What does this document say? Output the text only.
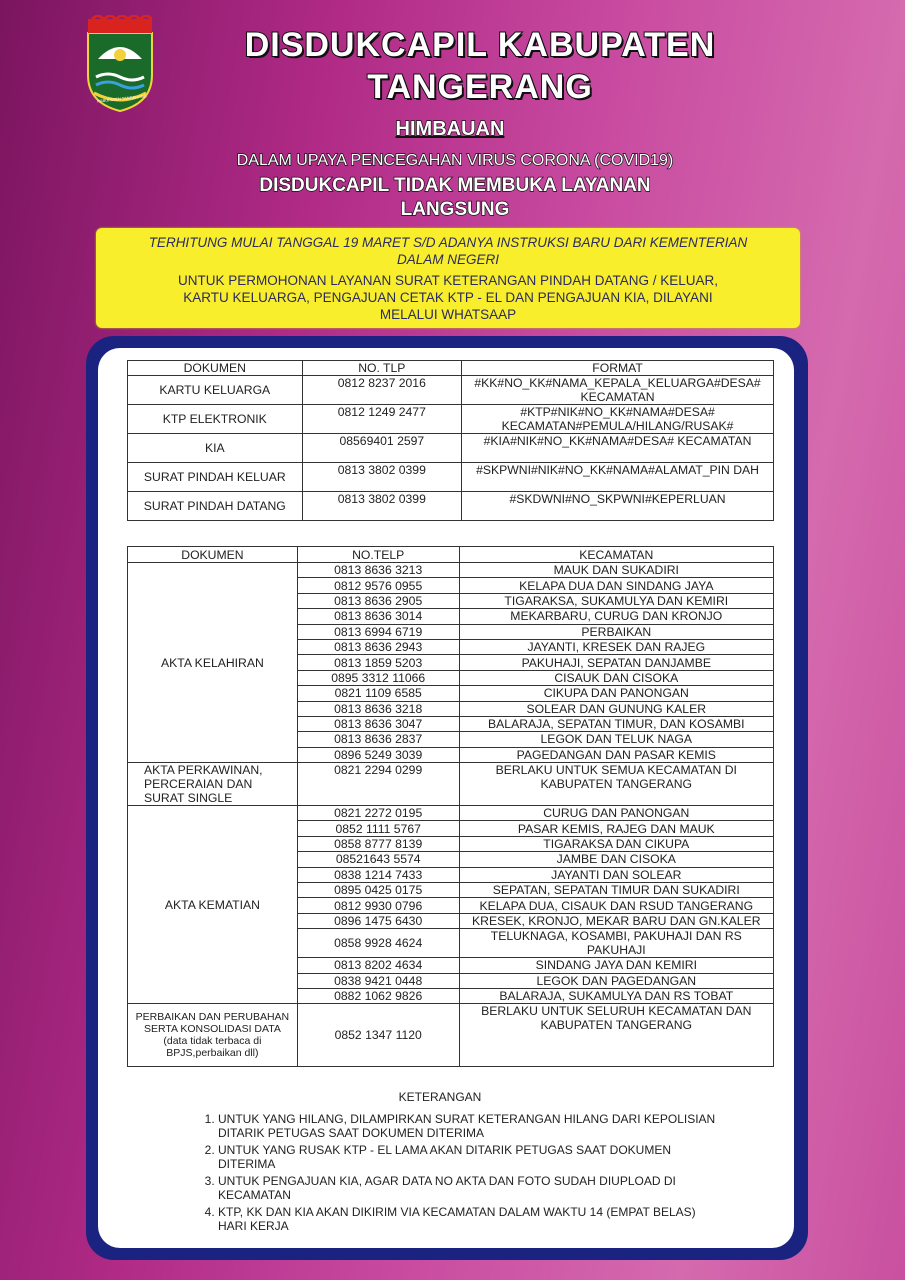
KABUPATEN TANGERANG
DISDUKCAPIL KABUPATEN
TANGERANG
HIMBAUAN
DALAM UPAYA PENCEGAHAN VIRUS CORONA (COVID19)
DISDUKCAPIL TIDAK MEMBUKA LAYANAN
LANGSUNG
TERHITUNG MULAI TANGGAL 19 MARET S/D ADANYA INSTRUKSI BARU DARI KEMENTERIAN
DALAM NEGERI
UNTUK PERMOHONAN LAYANAN SURAT KETERANGAN PINDAH DATANG / KELUAR,
KARTU KELUARGA, PENGAJUAN CETAK KTP - EL DAN PENGAJUAN KIA, DILAYANI
MELALUI WHATSAAP
DOKUMEN	NO. TLP	FORMAT
KARTU KELUARGA	0812 8237 2016	#KK#NO_KK#NAMA_KEPALA_KELUARGA#DESA# KECAMATAN
KTP ELEKTRONIK	0812 1249 2477	#KTP#NIK#NO_KK#NAMA#DESA# KECAMATAN#PEMULA/HILANG/RUSAK#
KIA	08569401 2597	#KIA#NIK#NO_KK#NAMA#DESA# KECAMATAN
SURAT PINDAH KELUAR	0813 3802 0399	#SKPWNI#NIK#NO_KK#NAMA#ALAMAT_PIN DAH
SURAT PINDAH DATANG	0813 3802 0399	#SKDWNI#NO_SKPWNI#KEPERLUAN
DOKUMEN	NO.TELP	KECAMATAN
AKTA KELAHIRAN	0813 8636 3213	MAUK DAN SUKADIRI
	0812 9576 0955	KELAPA DUA DAN SINDANG JAYA
	0813 8636 2905	TIGARAKSA, SUKAMULYA DAN KEMIRI
	0813 8636 3014	MEKARBARU, CURUG DAN KRONJO
	0813 6994 6719	PERBAIKAN
	0813 8636 2943	JAYANTI, KRESEK DAN RAJEG
	0813 1859 5203	PAKUHAJI, SEPATAN DANJAMBE
	0895 3312 11066	CISAUK DAN CISOKA
	0821 1109 6585	CIKUPA DAN PANONGAN
	0813 8636 3218	SOLEAR DAN GUNUNG KALER
	0813 8636 3047	BALARAJA, SEPATAN TIMUR, DAN KOSAMBI
	0813 8636 2837	LEGOK DAN TELUK NAGA
	0896 5249 3039	PAGEDANGAN DAN PASAR KEMIS
AKTA PERKAWINAN, PERCERAIAN DAN SURAT SINGLE	0821 2294 0299	BERLAKU UNTUK SEMUA KECAMATAN DI KABUPATEN TANGERANG
AKTA KEMATIAN	0821 2272 0195	CURUG DAN PANONGAN
	0852 1111 5767	PASAR KEMIS, RAJEG DAN MAUK
	0858 8777 8139	TIGARAKSA DAN CIKUPA
	08521643 5574	JAMBE DAN CISOKA
	0838 1214 7433	JAYANTI DAN SOLEAR
	0895 0425 0175	SEPATAN, SEPATAN TIMUR DAN SUKADIRI
	0812 9930 0796	KELAPA DUA, CISAUK DAN RSUD TANGERANG
	0896 1475 6430	KRESEK, KRONJO, MEKAR BARU DAN GN.KALER
	0858 9928 4624	TELUKNAGA, KOSAMBI, PAKUHAJI DAN RS PAKUHAJI
	0813 8202 4634	SINDANG JAYA DAN KEMIRI
	0838 9421 0448	LEGOK DAN PAGEDANGAN
	0882 1062 9826	BALARAJA, SUKAMULYA DAN RS TOBAT
PERBAIKAN DAN PERUBAHAN SERTA KONSOLIDASI DATA (data tidak terbaca di BPJS,perbaikan dll)	0852 1347 1120	BERLAKU UNTUK SELURUH KECAMATAN DAN KABUPATEN TANGERANG
KETERANGAN
1. UNTUK YANG HILANG, DILAMPIRKAN SURAT KETERANGAN HILANG DARI KEPOLISIAN DITARIK PETUGAS SAAT DOKUMEN DITERIMA
2. UNTUK YANG RUSAK KTP - EL LAMA AKAN DITARIK PETUGAS SAAT DOKUMEN DITERIMA
3. UNTUK PENGAJUAN KIA, AGAR DATA NO AKTA DAN FOTO SUDAH DIUPLOAD DI KECAMATAN
4. KTP, KK DAN KIA AKAN DIKIRIM VIA KECAMATAN DALAM WAKTU 14 (EMPAT BELAS) HARI KERJA
